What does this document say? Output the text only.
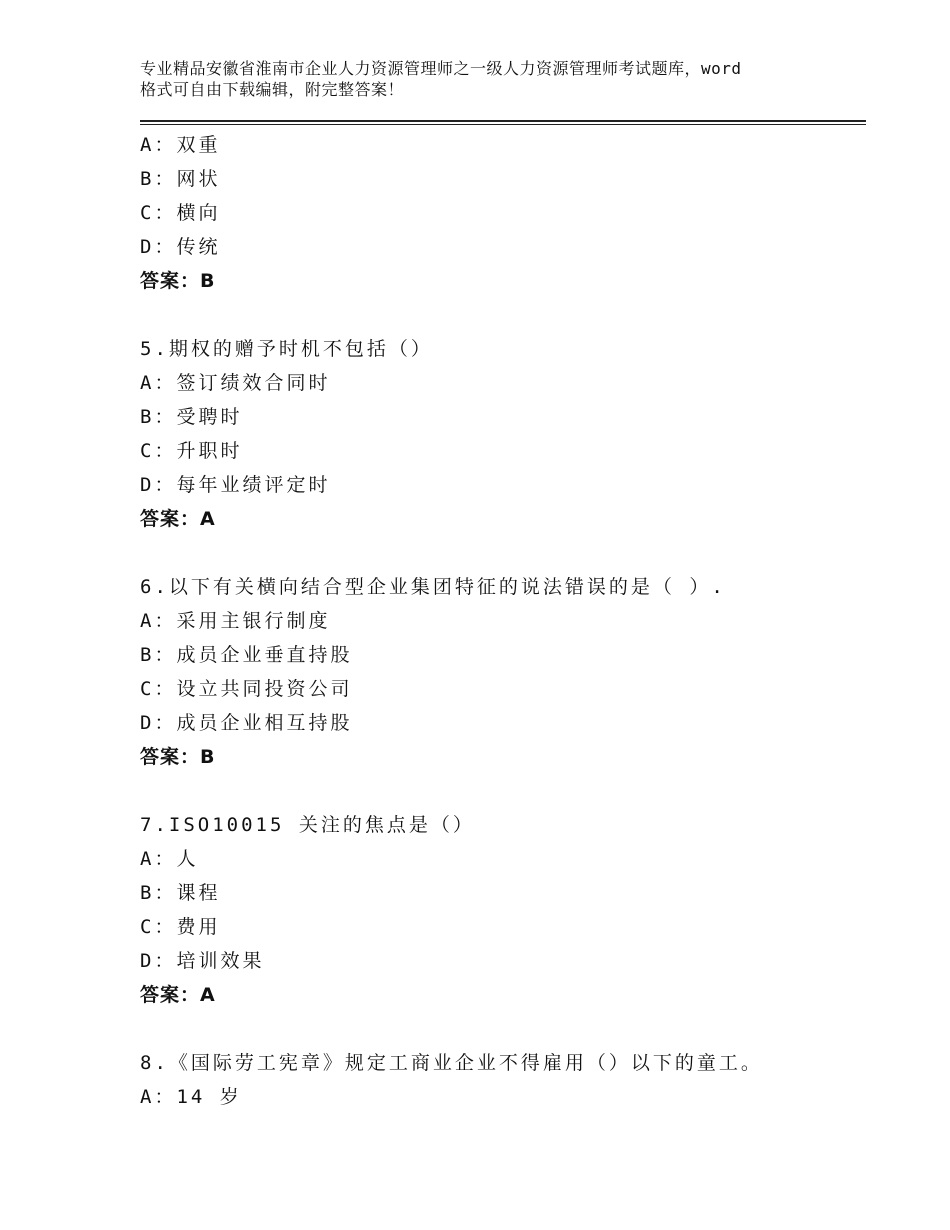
专业精品安徽省淮南市企业人力资源管理师之一级人力资源管理师考试题库，word
格式可自由下载编辑，附完整答案！
A：双重
B：网状
C：横向
D：传统
答案：B
5.期权的赠予时机不包括（）
A：签订绩效合同时
B：受聘时
C：升职时
D：每年业绩评定时
答案：A
6.以下有关横向结合型企业集团特征的说法错误的是（ ）.
A：采用主银行制度
B：成员企业垂直持股
C：设立共同投资公司
D：成员企业相互持股
答案：B
7.ISO10015 关注的焦点是（）
A：人
B：课程
C：费用
D：培训效果
答案：A
8.《国际劳工宪章》规定工商业企业不得雇用（）以下的童工。
A：14 岁
